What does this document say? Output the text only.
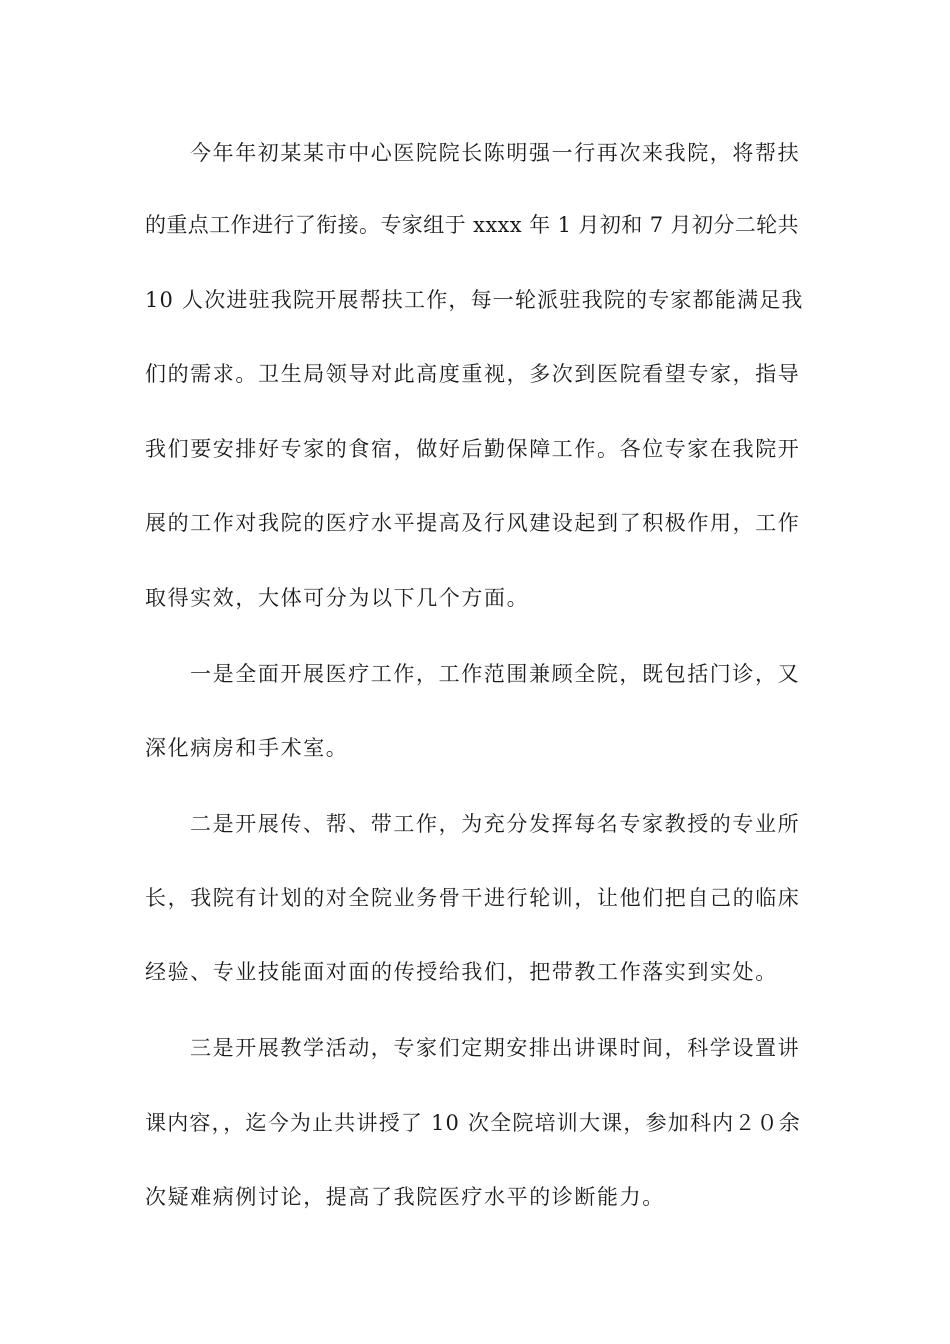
今年年初某某市中心医院院长陈明强一行再次来我院，将帮扶
的重点工作进行了衔接。专家组于 xxxx 年 1 月初和 7 月初分二轮共
10 人次进驻我院开展帮扶工作，每一轮派驻我院的专家都能满足我
们的需求。卫生局领导对此高度重视，多次到医院看望专家，指导
我们要安排好专家的食宿，做好后勤保障工作。各位专家在我院开
展的工作对我院的医疗水平提高及行风建设起到了积极作用，工作
取得实效，大体可分为以下几个方面。
一是全面开展医疗工作，工作范围兼顾全院，既包括门诊，又
深化病房和手术室。
二是开展传、帮、带工作，为充分发挥每名专家教授的专业所
长，我院有计划的对全院业务骨干进行轮训，让他们把自己的临床
经验、专业技能面对面的传授给我们，把带教工作落实到实处。
三是开展教学活动，专家们定期安排出讲课时间，科学设置讲
课内容，，迄今为止共讲授了 10 次全院培训大课，参加科内２０余
次疑难病例讨论，提高了我院医疗水平的诊断能力。
